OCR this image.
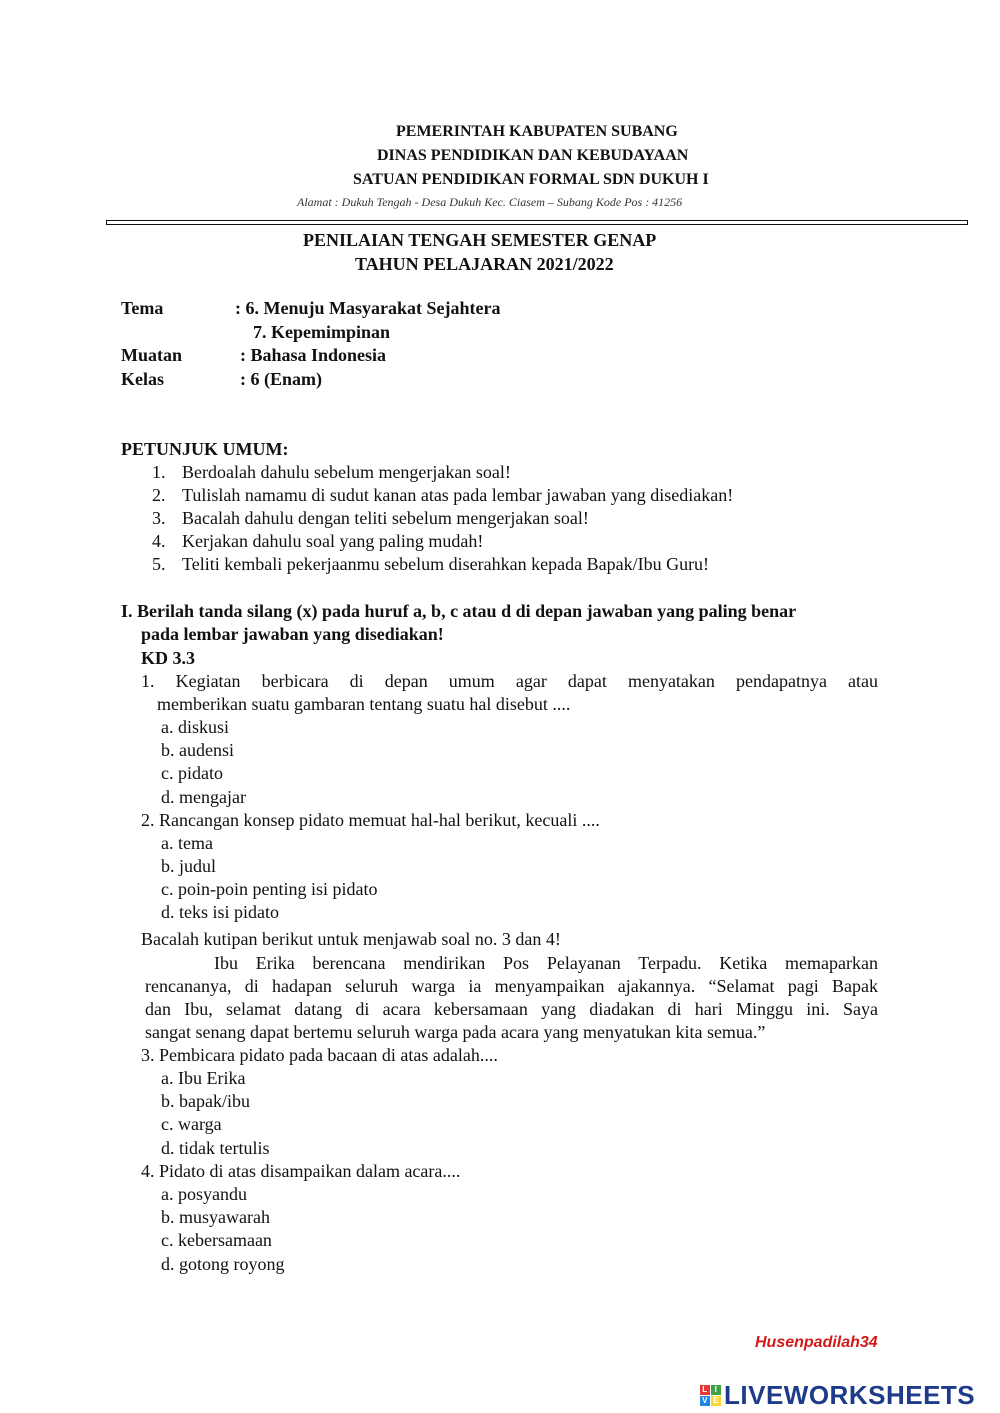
PEMERINTAH KABUPATEN SUBANG
DINAS PENDIDIKAN DAN KEBUDAYAAN
SATUAN PENDIDIKAN FORMAL SDN DUKUH I
Alamat : Dukuh Tengah - Desa Dukuh Kec. Ciasem – Subang Kode Pos : 41256
PENILAIAN TENGAH SEMESTER GENAP
TAHUN PELAJARAN 2021/2022
Tema	: 6. Menuju Masyarakat Sejahtera
7. Kepemimpinan
Muatan	: Bahasa Indonesia
Kelas	: 6 (Enam)
PETUNJUK UMUM:
1. Berdoalah dahulu sebelum mengerjakan soal!
2. Tulislah namamu di sudut kanan atas pada lembar jawaban yang disediakan!
3. Bacalah dahulu dengan teliti sebelum mengerjakan soal!
4. Kerjakan dahulu soal yang paling mudah!
5. Teliti kembali pekerjaanmu sebelum diserahkan kepada Bapak/Ibu Guru!
I. Berilah tanda silang (x) pada huruf a, b, c atau d di depan jawaban yang paling benar
pada lembar jawaban yang disediakan!
KD 3.3
1. Kegiatan berbicara di depan umum agar dapat menyatakan pendapatnya atau
memberikan suatu gambaran tentang suatu hal disebut ....
a. diskusi
b. audensi
c. pidato
d. mengajar
2. Rancangan konsep pidato memuat hal-hal berikut, kecuali ....
a. tema
b. judul
c. poin-poin penting isi pidato
d. teks isi pidato
Bacalah kutipan berikut untuk menjawab soal no. 3 dan 4!
Ibu Erika berencana mendirikan Pos Pelayanan Terpadu. Ketika memaparkan
rencananya, di hadapan seluruh warga ia menyampaikan ajakannya. “Selamat pagi Bapak
dan Ibu, selamat datang di acara kebersamaan yang diadakan di hari Minggu ini. Saya
sangat senang dapat bertemu seluruh warga pada acara yang menyatukan kita semua.”
3. Pembicara pidato pada bacaan di atas adalah....
a. Ibu Erika
b. bapak/ibu
c. warga
d. tidak tertulis
4. Pidato di atas disampaikan dalam acara....
a. posyandu
b. musyawarah
c. kebersamaan
d. gotong royong
Husenpadilah34
L I
V E LIVEWORKSHEETS
